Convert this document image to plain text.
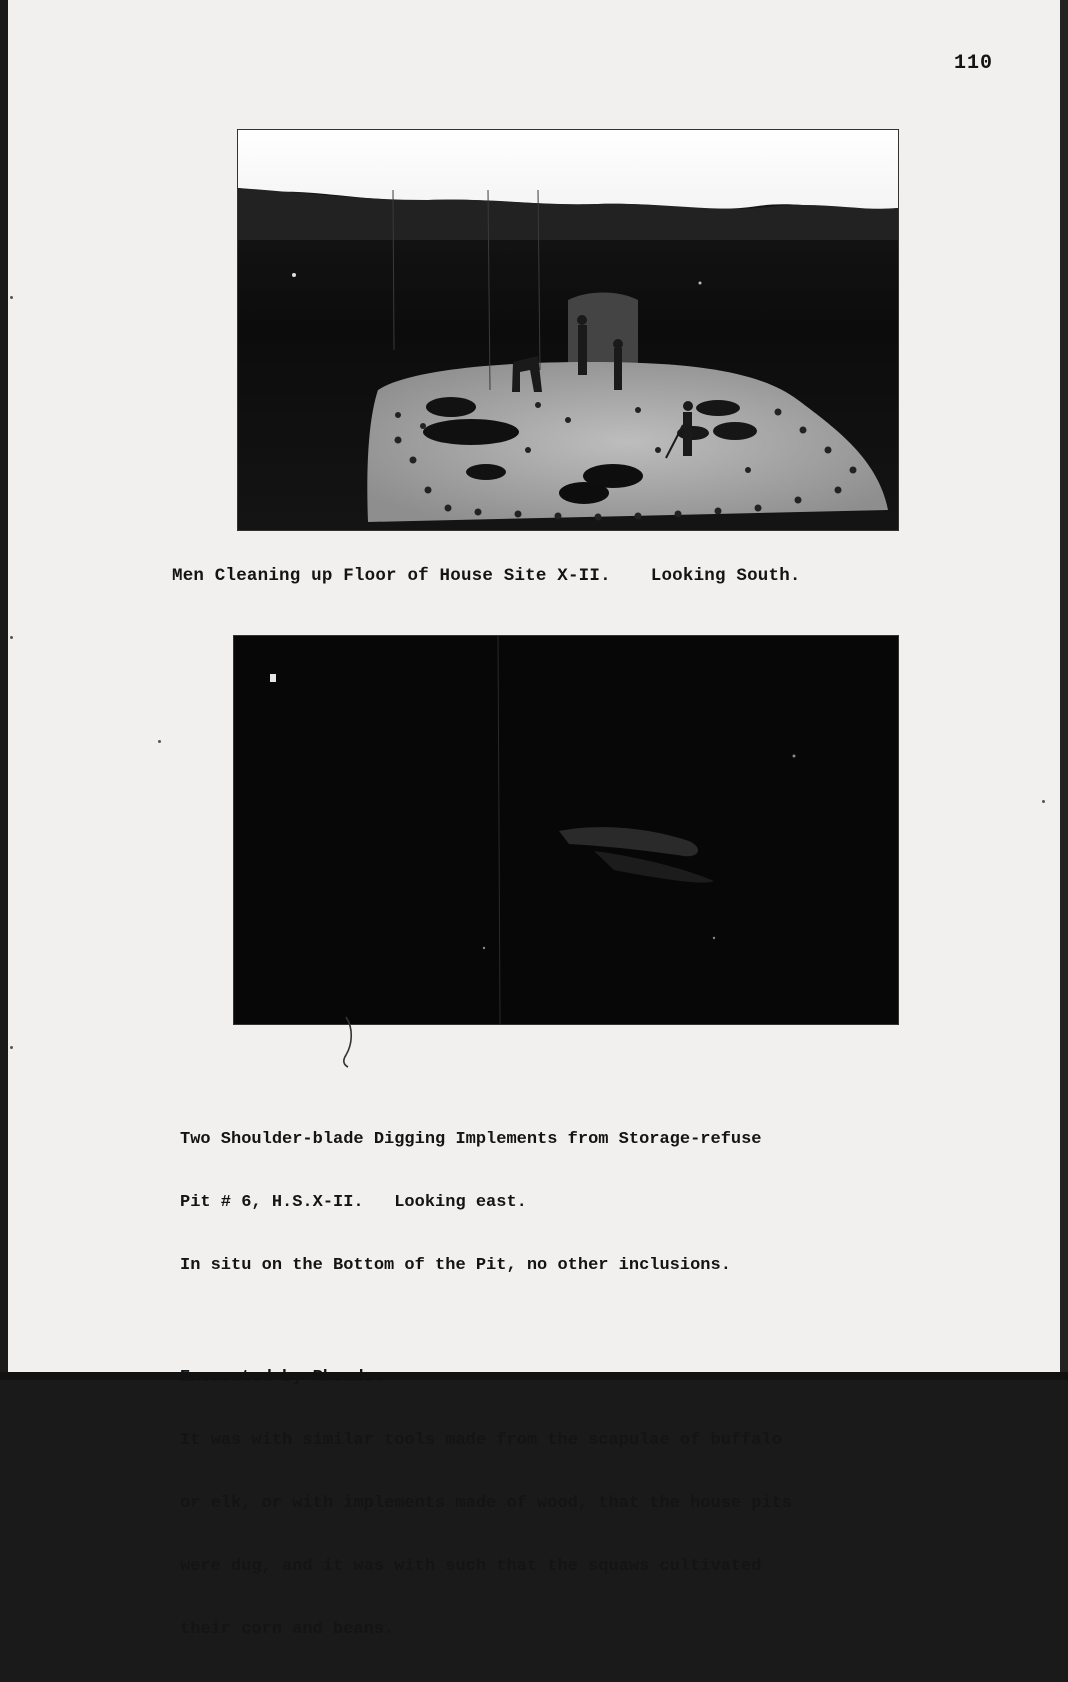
110

Men Cleaning up Floor of House Site X-II. Looking South.

Two Shoulder-blade Digging Implements from Storage-refuse

Pit # 6, H.S.X-II.   Looking east.

In situ on the Bottom of the Pit, no other inclusions.

It was with similar tools made from the scapulae of buffalo

or elk, or with implements made of wood, that the house pits

were dug, and it was with such that the squaws cultivated

their corn and beans.
